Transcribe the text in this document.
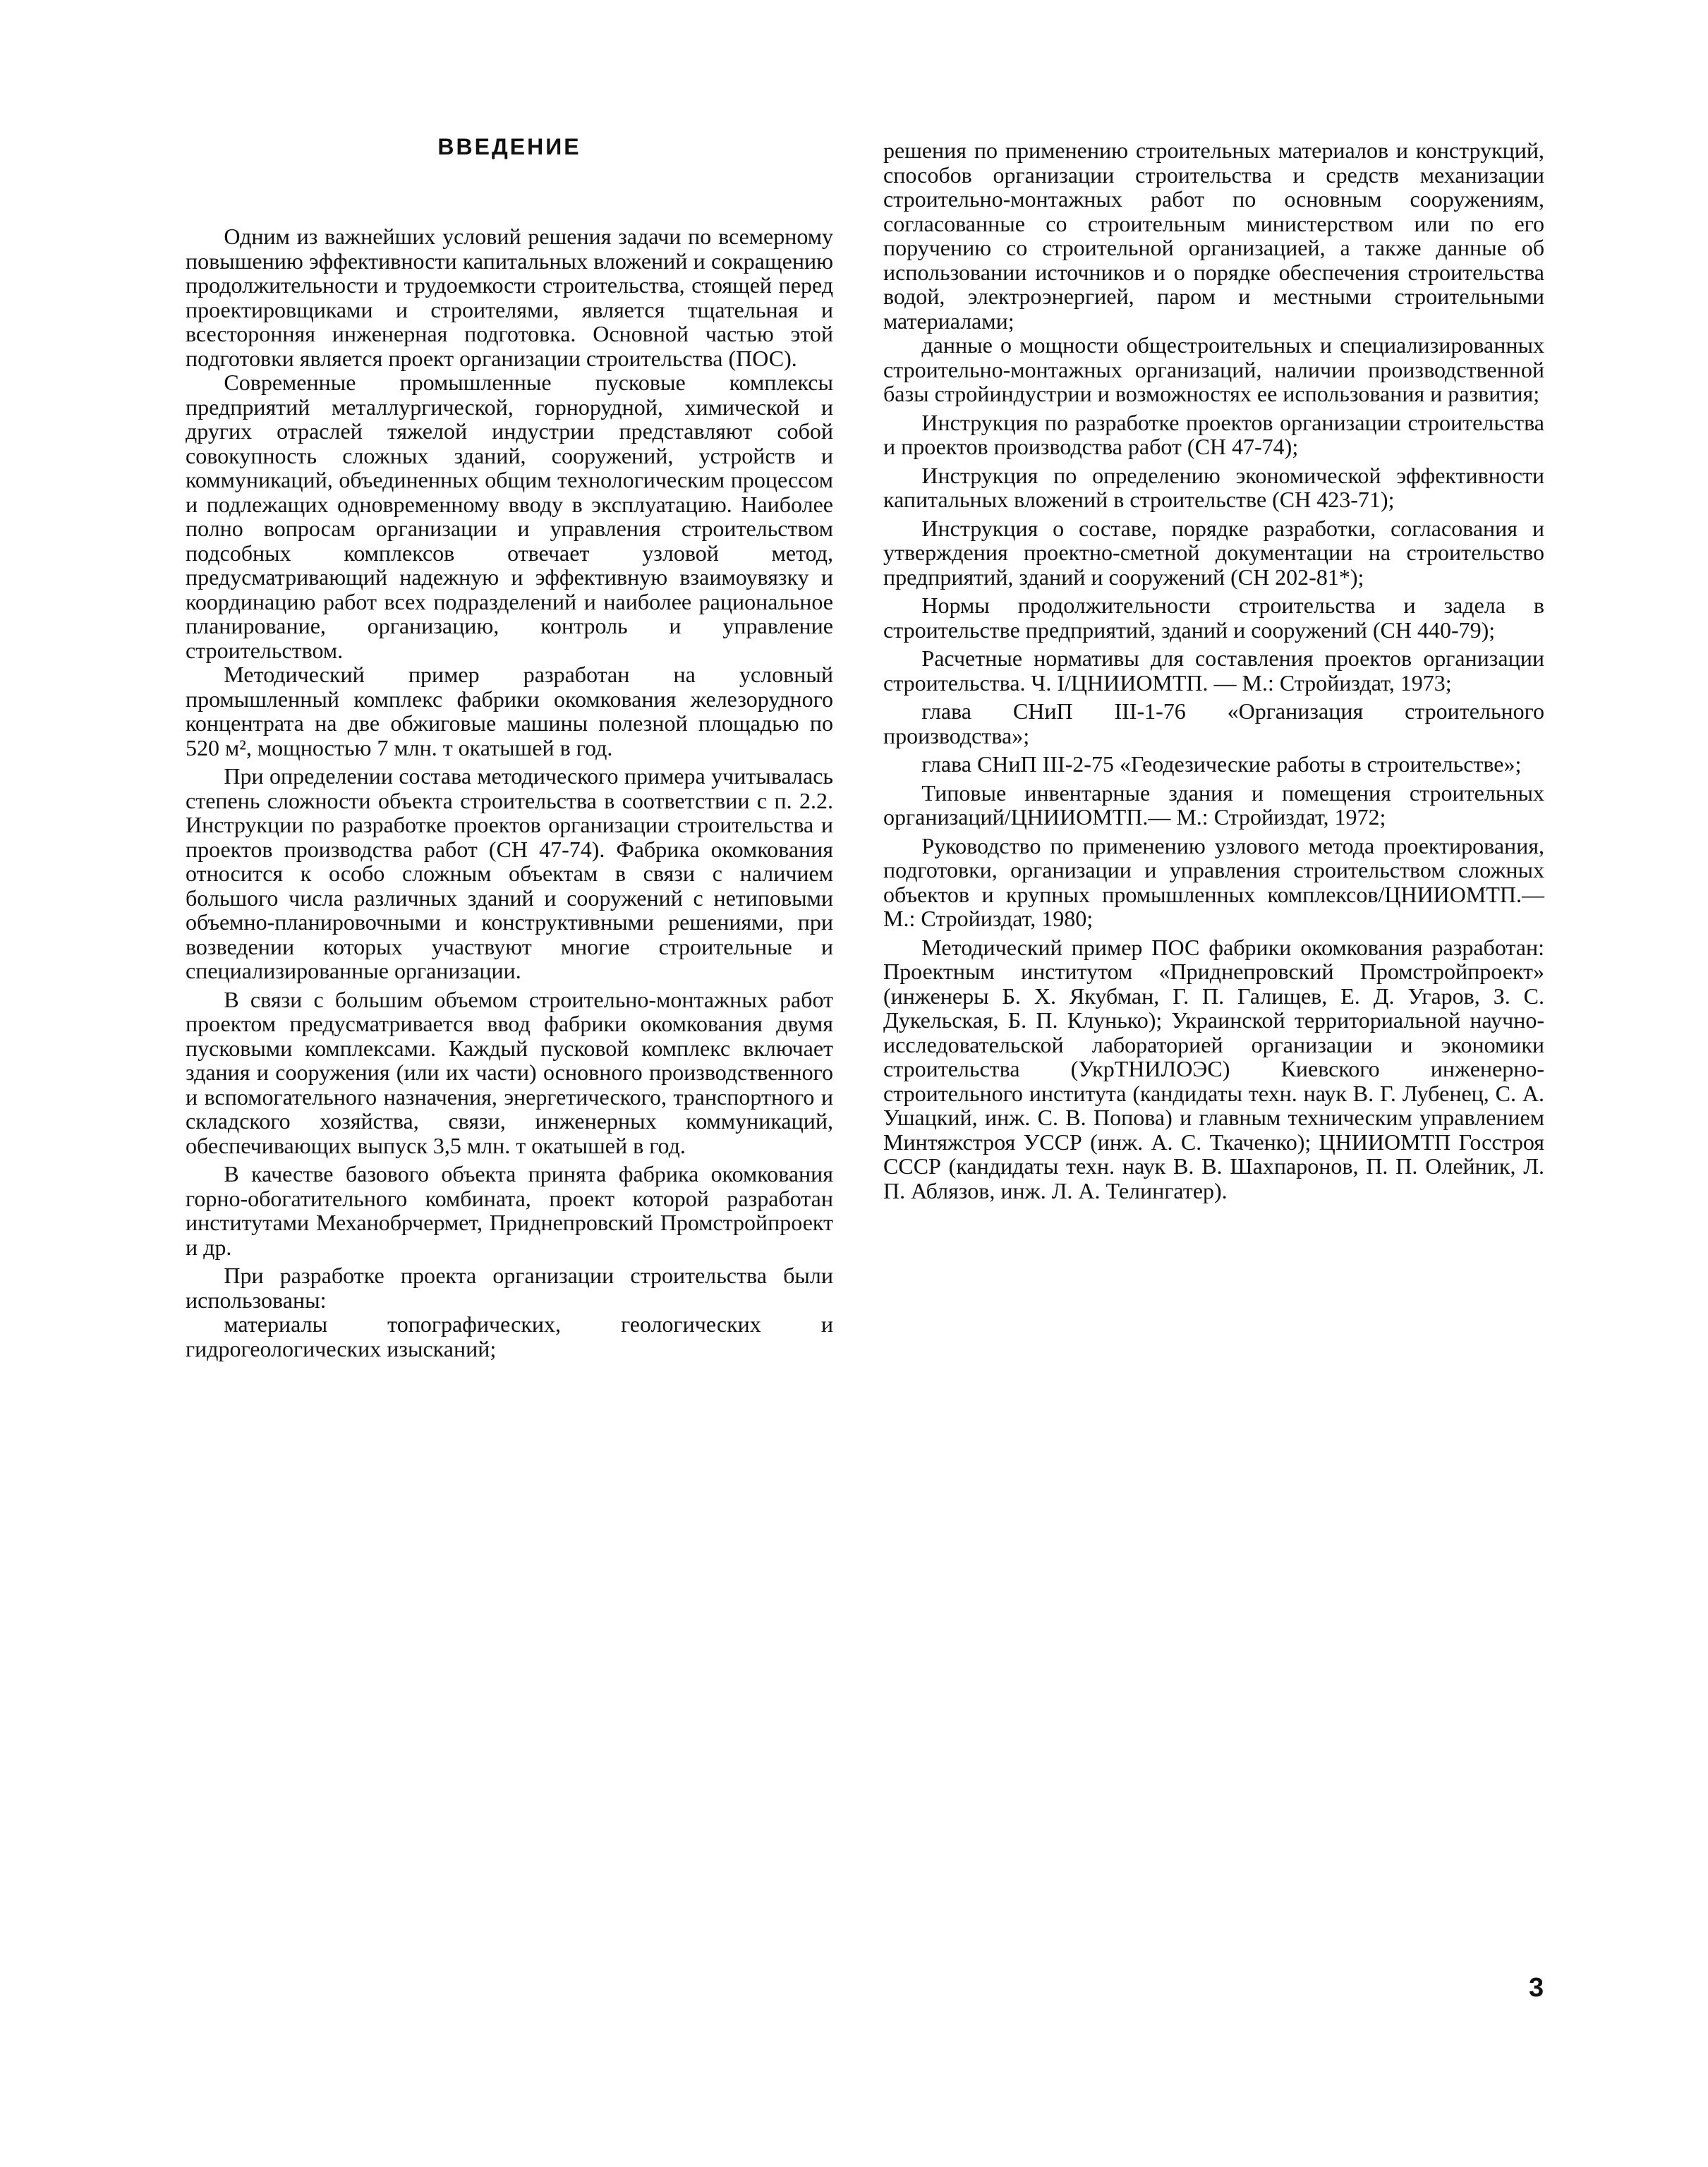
ВВЕДЕНИЕ

Одним из важнейших условий решения задачи по всемерному повышению эффективности капитальных вложений и сокращению продолжительности и трудоемкости строительства, стоящей перед проектировщиками и строителями, является тщательная и всесторонняя инженерная подготовка. Основной частью этой подготовки является проект организации строительства (ПОС).

Современные промышленные пусковые комплексы предприятий металлургической, горнорудной, химической и других отраслей тяжелой индустрии представляют собой совокупность сложных зданий, сооружений, устройств и коммуникаций, объединенных общим технологическим процессом и подлежащих одновременному вводу в эксплуатацию. Наиболее полно вопросам организации и управления строительством подсобных комплексов отвечает узловой метод, предусматривающий надежную и эффективную взаимоувязку и координацию работ всех подразделений и наиболее рациональное планирование, организацию, контроль и управление строительством.

Методический пример разработан на условный промышленный комплекс фабрики окомкования железорудного концентрата на две обжиговые машины полезной площадью по 520 м², мощностью 7 млн. т окатышей в год.

При определении состава методического примера учитывалась степень сложности объекта строительства в соответствии с п. 2.2. Инструкции по разработке проектов организации строительства и проектов производства работ (СН 47-74). Фабрика окомкования относится к особо сложным объектам в связи с наличием большого числа различных зданий и сооружений с нетиповыми объемно-планировочными и конструктивными решениями, при возведении которых участвуют многие строительные и специализированные организации.

В связи с большим объемом строительно-монтажных работ проектом предусматривается ввод фабрики окомкования двумя пусковыми комплексами. Каждый пусковой комплекс включает здания и сооружения (или их части) основного производственного и вспомогательного назначения, энергетического, транспортного и складского хозяйства, связи, инженерных коммуникаций, обеспечивающих выпуск 3,5 млн. т окатышей в год.

В качестве базового объекта принята фабрика окомкования горно-обогатительного комбината, проект которой разработан институтами Механобрчермет, Приднепровский Промстройпроект и др.

При разработке проекта организации строительства были использованы:

материалы топографических, геологических и гидрогеологических изысканий;

решения по применению строительных материалов и конструкций, способов организации строительства и средств механизации строительно-монтажных работ по основным сооружениям, согласованные со строительным министерством или по его поручению со строительной организацией, а также данные об использовании источников и о порядке обеспечения строительства водой, электроэнергией, паром и местными строительными материалами;

данные о мощности общестроительных и специализированных строительно-монтажных организаций, наличии производственной базы стройиндустрии и возможностях ее использования и развития;

Инструкция по разработке проектов организации строительства и проектов производства работ (СН 47-74);

Инструкция по определению экономической эффективности капитальных вложений в строительстве (СН 423-71);

Инструкция о составе, порядке разработки, согласования и утверждения проектно-сметной документации на строительство предприятий, зданий и сооружений (СН 202-81*);

Нормы продолжительности строительства и задела в строительстве предприятий, зданий и сооружений (СН 440-79);

Расчетные нормативы для составления проектов организации строительства. Ч. I/ЦНИИОМТП. — М.: Стройиздат, 1973;

глава СНиП III-1-76 «Организация строительного производства»;

глава СНиП III-2-75 «Геодезические работы в строительстве»;

Типовые инвентарные здания и помещения строительных организаций/ЦНИИОМТП.— М.: Стройиздат, 1972;

Руководство по применению узлового метода проектирования, подготовки, организации и управления строительством сложных объектов и крупных промышленных комплексов/ЦНИИОМТП.— М.: Стройиздат, 1980;

Методический пример ПОС фабрики окомкования разработан: Проектным институтом «Приднепровский Промстройпроект» (инженеры Б. Х. Якубман, Г. П. Галищев, Е. Д. Угаров, З. С. Дукельская, Б. П. Клунько); Украинской территориальной научно-исследовательской лабораторией организации и экономики строительства (УкрТНИЛОЭС) Киевского инженерно-строительного института (кандидаты техн. наук В. Г. Лубенец, С. А. Ушацкий, инж. С. В. Попова) и главным техническим управлением Минтяжстроя УССР (инж. А. С. Ткаченко); ЦНИИОМТП Госстроя СССР (кандидаты техн. наук В. В. Шахпаронов, П. П. Олейник, Л. П. Аблязов, инж. Л. А. Телингатер).

3
